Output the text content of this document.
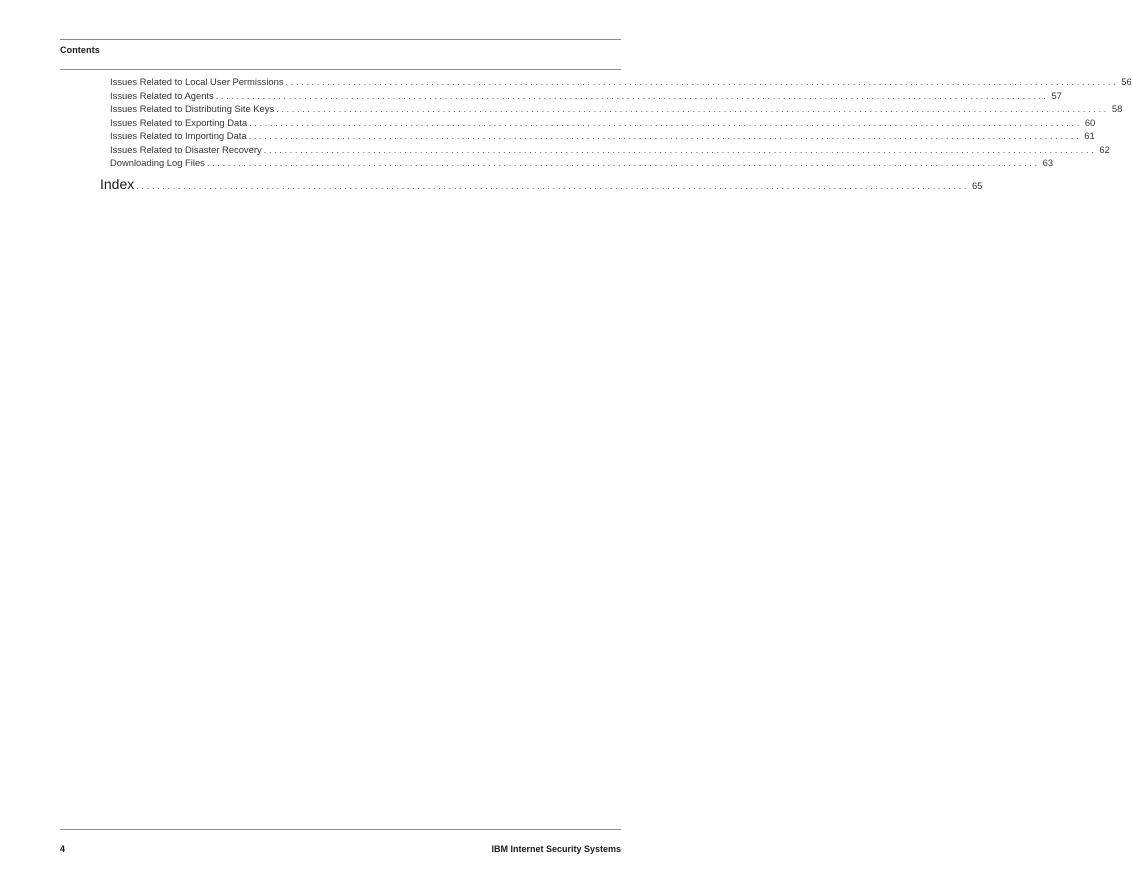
Contents
Issues Related to Local User Permissions ................................................................................................................................................................ 56
Issues Related to Agents ................................................................................................................................................................ 57
Issues Related to Distributing Site Keys ................................................................................................................................................................ 58
Issues Related to Exporting Data ................................................................................................................................................................ 60
Issues Related to Importing Data ................................................................................................................................................................ 61
Issues Related to Disaster Recovery ................................................................................................................................................................ 62
Downloading Log Files ................................................................................................................................................................ 63
Index ................................................................................................................................................................ 65
4	IBM Internet Security Systems
